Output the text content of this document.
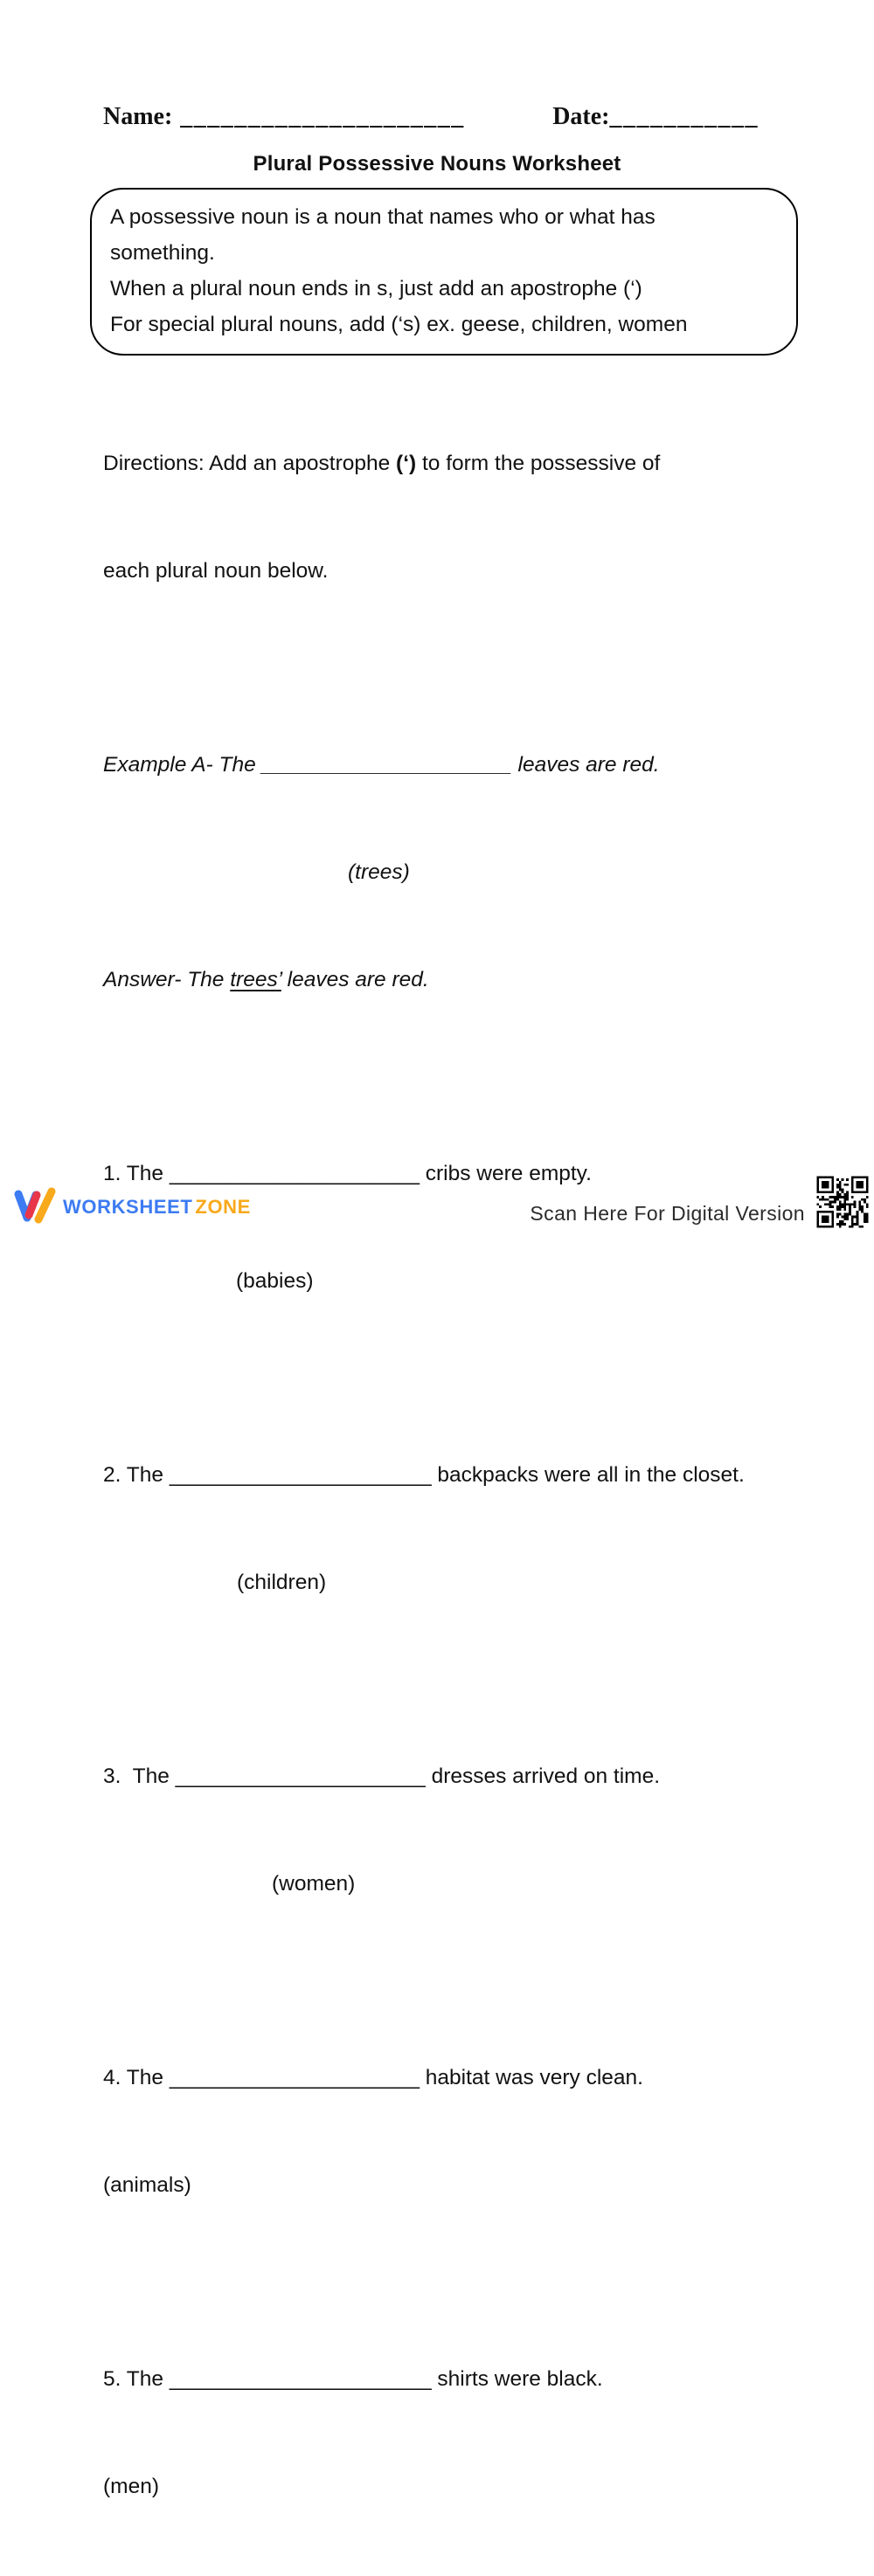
Name: _____________________	Date:___________
Plural Possessive Nouns Worksheet
A possessive noun is a noun that names who or what has
something.
When a plural noun ends in s, just add an apostrophe (‘)
For special plural nouns, add (‘s) ex. geese, children, women

Directions: Add an apostrophe (‘) to form the possessive of

each plural noun below.

Example A- The _____________________ leaves are red.

(trees)

Answer- The trees’ leaves are red.

1. The _____________________ cribs were empty.

(babies)

2. The ______________________ backpacks were all in the closet.

(children)

3.  The _____________________ dresses arrived on time.

(women)

4. The _____________________ habitat was very clean.

(animals)

5. The ______________________ shirts were black.

(men)

WORKSHEET ZONE	Scan Here For Digital Version
